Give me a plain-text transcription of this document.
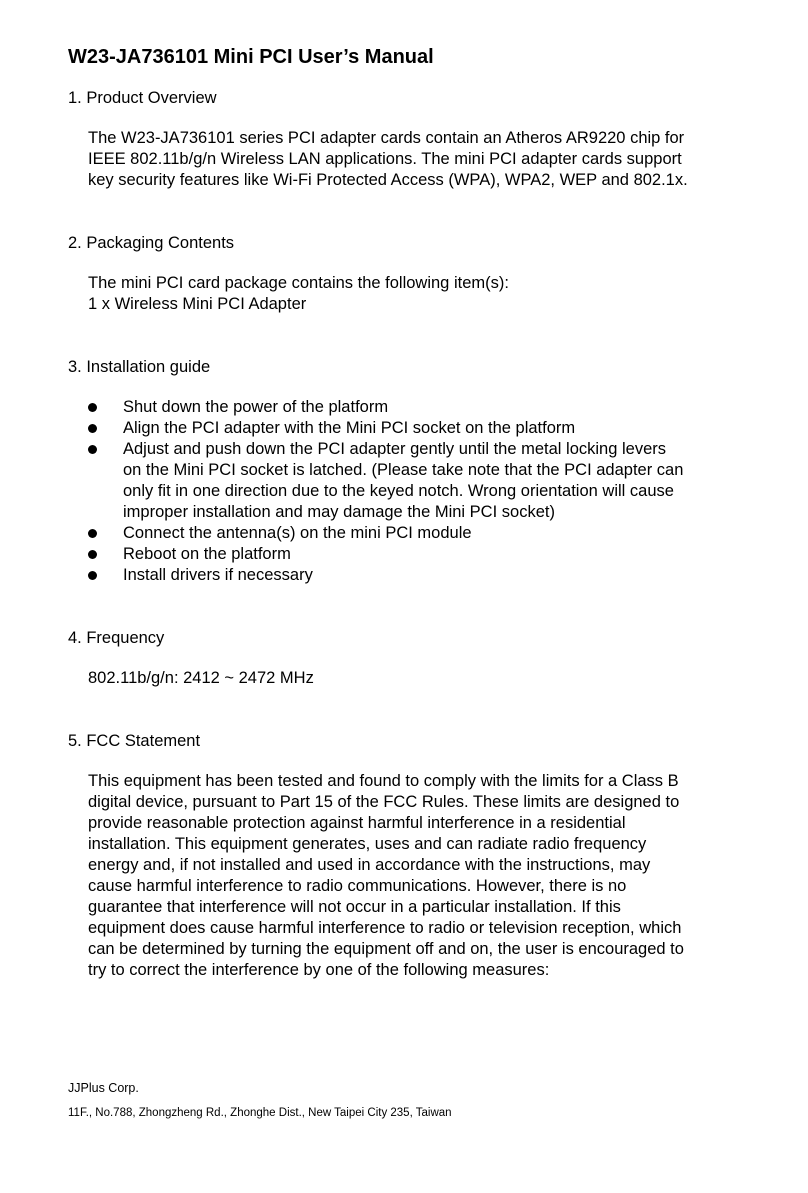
W23-JA736101 Mini PCI User’s Manual

1. Product Overview

The W23-JA736101 series PCI adapter cards contain an Atheros AR9220 chip for IEEE 802.11b/g/n Wireless LAN applications. The mini PCI adapter cards support key security features like Wi-Fi Protected Access (WPA), WPA2, WEP and 802.1x.

2. Packaging Contents

The mini PCI card package contains the following item(s):

1 x Wireless Mini PCI Adapter

3. Installation guide

Shut down the power of the platform
Align the PCI adapter with the Mini PCI socket on the platform
Adjust and push down the PCI adapter gently until the metal locking levers on the Mini PCI socket is latched. (Please take note that the PCI adapter can only fit in one direction due to the keyed notch. Wrong orientation will cause improper installation and may damage the Mini PCI socket)
Connect the antenna(s) on the mini PCI module
Reboot on the platform
Install drivers if necessary

4. Frequency

802.11b/g/n: 2412 ~ 2472 MHz

5. FCC Statement

This equipment has been tested and found to comply with the limits for a Class B digital device, pursuant to Part 15 of the FCC Rules. These limits are designed to provide reasonable protection against harmful interference in a residential installation. This equipment generates, uses and can radiate radio frequency energy and, if not installed and used in accordance with the instructions, may cause harmful interference to radio communications. However, there is no guarantee that interference will not occur in a particular installation. If this equipment does cause harmful interference to radio or television reception, which can be determined by turning the equipment off and on, the user is encouraged to try to correct the interference by one of the following measures:

JJPlus Corp.

11F., No.788, Zhongzheng Rd., Zhonghe Dist., New Taipei City 235, Taiwan
